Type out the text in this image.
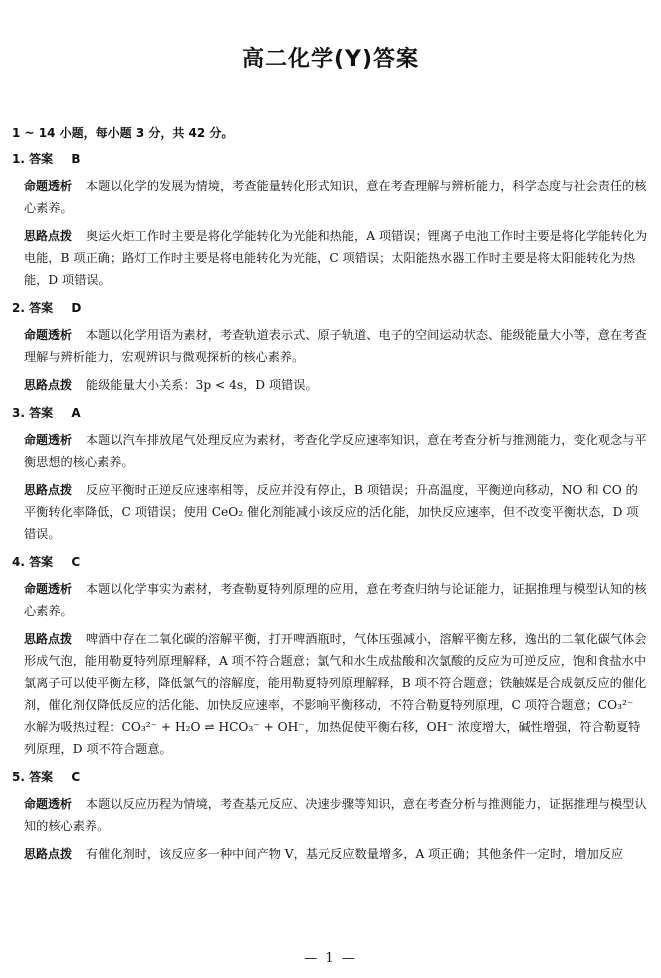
高二化学(Y)答案
1 ~ 14 小题，每小题 3 分，共 42 分。
1. 答案 B
命题透析 本题以化学的发展为情境，考查能量转化形式知识，意在考查理解与辨析能力，科学态度与社会责任的核心素养。
思路点拨 奥运火炬工作时主要是将化学能转化为光能和热能，A 项错误；锂离子电池工作时主要是将化学能转化为电能，B 项正确；路灯工作时主要是将电能转化为光能，C 项错误；太阳能热水器工作时主要是将太阳能转化为热能，D 项错误。
2. 答案 D
命题透析 本题以化学用语为素材，考查轨道表示式、原子轨道、电子的空间运动状态、能级能量大小等，意在考查理解与辨析能力，宏观辨识与微观探析的核心素养。
思路点拨 能级能量大小关系：3p < 4s，D 项错误。
3. 答案 A
命题透析 本题以汽车排放尾气处理反应为素材，考查化学反应速率知识，意在考查分析与推测能力，变化观念与平衡思想的核心素养。
思路点拨 反应平衡时正逆反应速率相等，反应并没有停止，B 项错误；升高温度，平衡逆向移动，NO 和 CO 的平衡转化率降低，C 项错误；使用 CeO₂ 催化剂能减小该反应的活化能，加快反应速率，但不改变平衡状态，D 项错误。
4. 答案 C
命题透析 本题以化学事实为素材，考查勒夏特列原理的应用，意在考查归纳与论证能力，证据推理与模型认知的核心素养。
思路点拨 啤酒中存在二氧化碳的溶解平衡，打开啤酒瓶时，气体压强减小，溶解平衡左移，逸出的二氧化碳气体会形成气泡，能用勒夏特列原理解释，A 项不符合题意；氯气和水生成盐酸和次氯酸的反应为可逆反应，饱和食盐水中氯离子可以使平衡左移，降低氯气的溶解度，能用勒夏特列原理解释，B 项不符合题意；铁触媒是合成氨反应的催化剂，催化剂仅降低反应的活化能、加快反应速率，不影响平衡移动，不符合勒夏特列原理，C 项符合题意；CO₃²⁻ 水解为吸热过程：CO₃²⁻ + H₂O ⇌ HCO₃⁻ + OH⁻，加热促使平衡右移，OH⁻ 浓度增大，碱性增强，符合勒夏特列原理，D 项不符合题意。
5. 答案 C
命题透析 本题以反应历程为情境，考查基元反应、决速步骤等知识，意在考查分析与推测能力，证据推理与模型认知的核心素养。
思路点拨 有催化剂时，该反应多一种中间产物 V，基元反应数量增多，A 项正确；其他条件一定时，增加反应
— 1 —
